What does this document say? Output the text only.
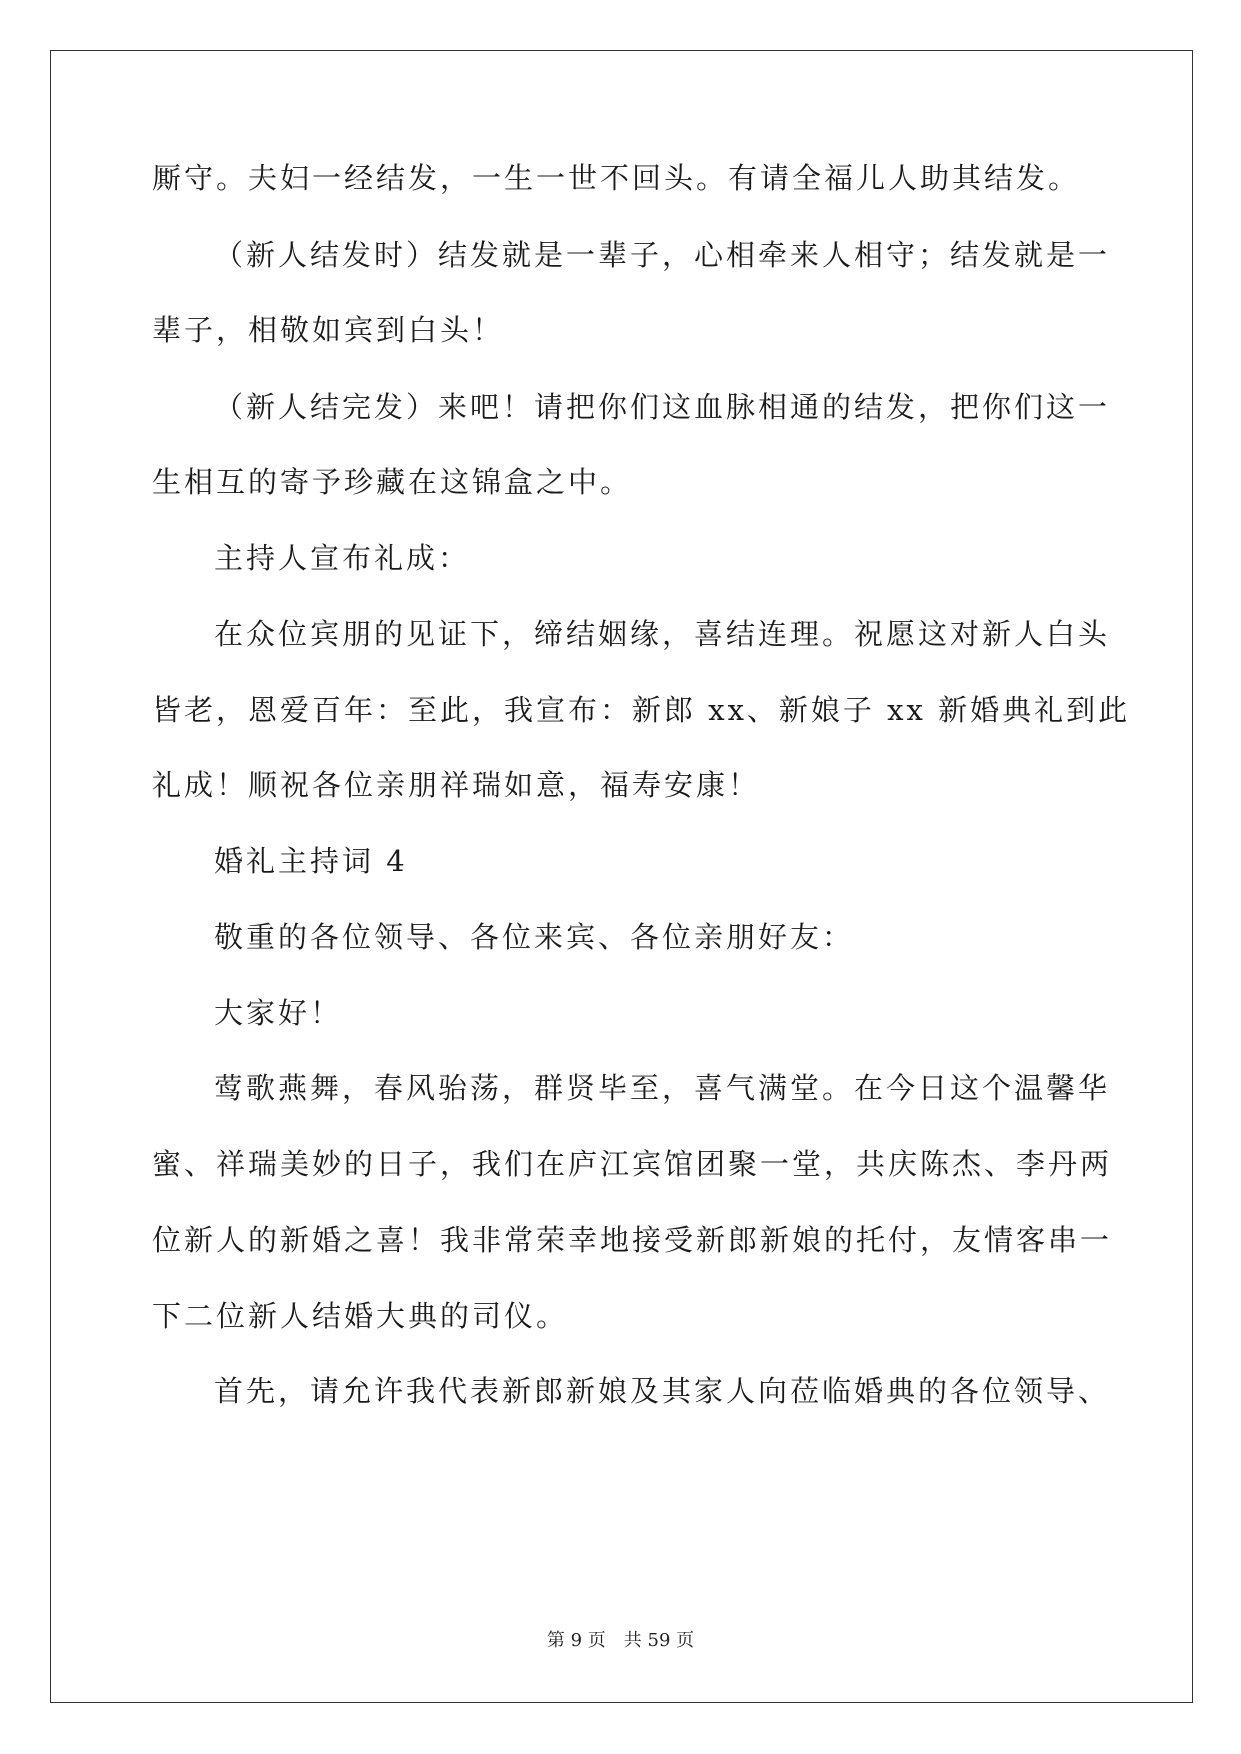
厮守。夫妇一经结发，一生一世不回头。有请全福儿人助其结发。
（新人结发时）结发就是一辈子，心相牵来人相守；结发就是一
辈子，相敬如宾到白头！
（新人结完发）来吧！请把你们这血脉相通的结发，把你们这一
生相互的寄予珍藏在这锦盒之中。
主持人宣布礼成：
在众位宾朋的见证下，缔结姻缘，喜结连理。祝愿这对新人白头
皆老，恩爱百年：至此，我宣布：新郎 xx、新娘子 xx 新婚典礼到此
礼成！顺祝各位亲朋祥瑞如意，福寿安康！
婚礼主持词 4
敬重的各位领导、各位来宾、各位亲朋好友：
大家好！
莺歌燕舞，春风骀荡，群贤毕至，喜气满堂。在今日这个温馨华
蜜、祥瑞美妙的日子，我们在庐江宾馆团聚一堂，共庆陈杰、李丹两
位新人的新婚之喜！我非常荣幸地接受新郎新娘的托付，友情客串一
下二位新人结婚大典的司仪。
首先，请允许我代表新郎新娘及其家人向莅临婚典的各位领导、
第 9 页　共 59 页
